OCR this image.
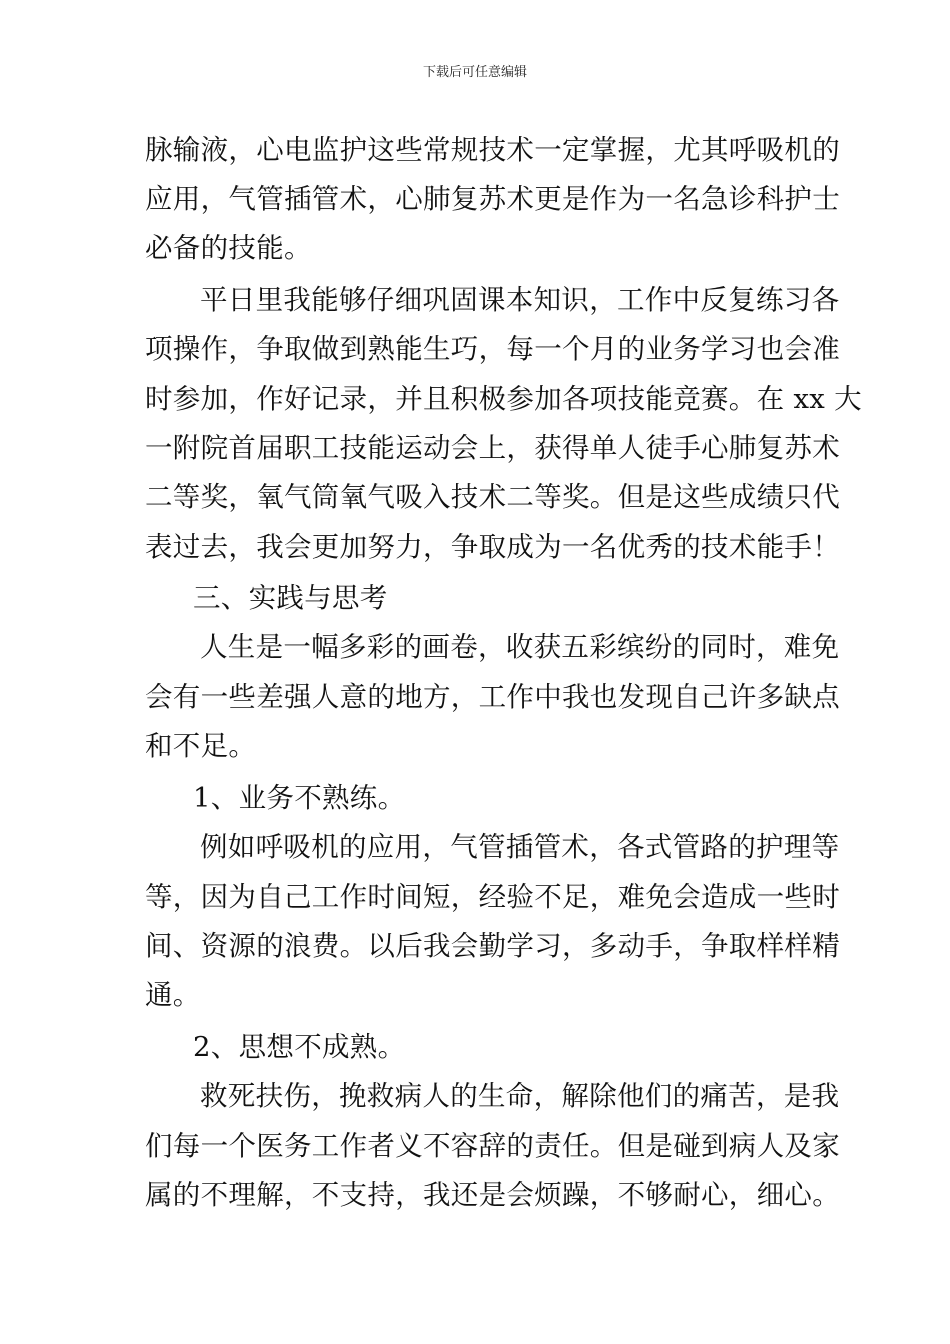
下载后可任意编辑
脉输液，心电监护这些常规技术一定掌握，尤其呼吸机的
应用，气管插管术，心肺复苏术更是作为一名急诊科护士
必备的技能。
平日里我能够仔细巩固课本知识，工作中反复练习各
项操作，争取做到熟能生巧，每一个月的业务学习也会准
时参加，作好记录，并且积极参加各项技能竞赛。在 xx 大
一附院首届职工技能运动会上，获得单人徒手心肺复苏术
二等奖，氧气筒氧气吸入技术二等奖。但是这些成绩只代
表过去，我会更加努力，争取成为一名优秀的技术能手！
三、实践与思考
人生是一幅多彩的画卷，收获五彩缤纷的同时，难免
会有一些差强人意的地方，工作中我也发现自己许多缺点
和不足。
1、业务不熟练。
例如呼吸机的应用，气管插管术，各式管路的护理等
等，因为自己工作时间短，经验不足，难免会造成一些时
间、资源的浪费。以后我会勤学习，多动手，争取样样精
通。
2、思想不成熟。
救死扶伤，挽救病人的生命，解除他们的痛苦，是我
们每一个医务工作者义不容辞的责任。但是碰到病人及家
属的不理解，不支持，我还是会烦躁，不够耐心，细心。
